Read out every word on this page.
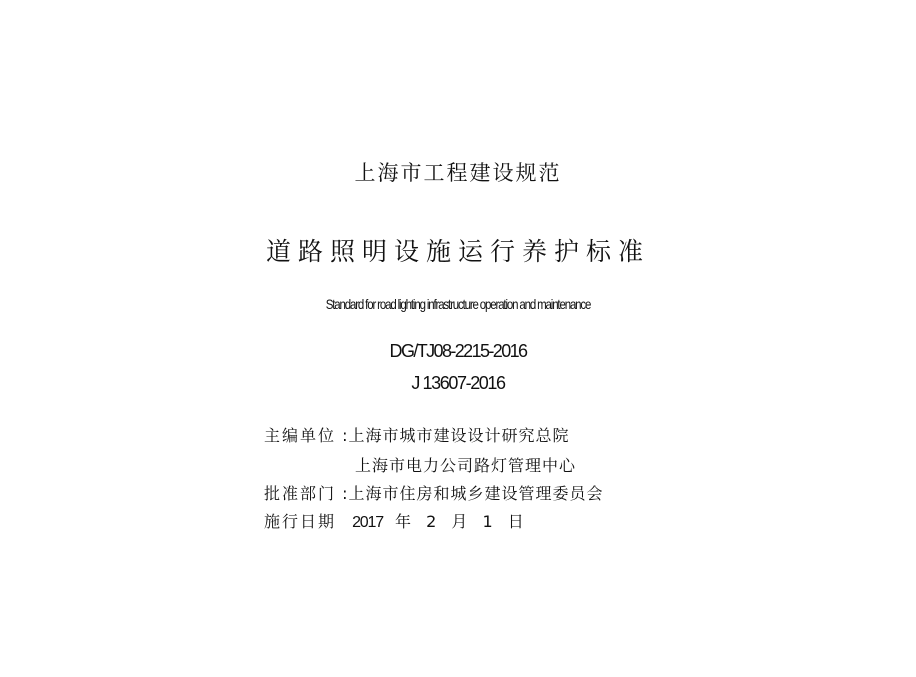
上海市工程建设规范
道路照明设施运行养护标准
Standard for road lighting infrastructure operation and maintenance
DG/TJ08-2215-2016
J 13607-2016
主编单位 :上海市城市建设设计研究总院
上海市电力公司路灯管理中心
批准部门 :上海市住房和城乡建设管理委员会
施行日期 2017 年 2 月 1 日
